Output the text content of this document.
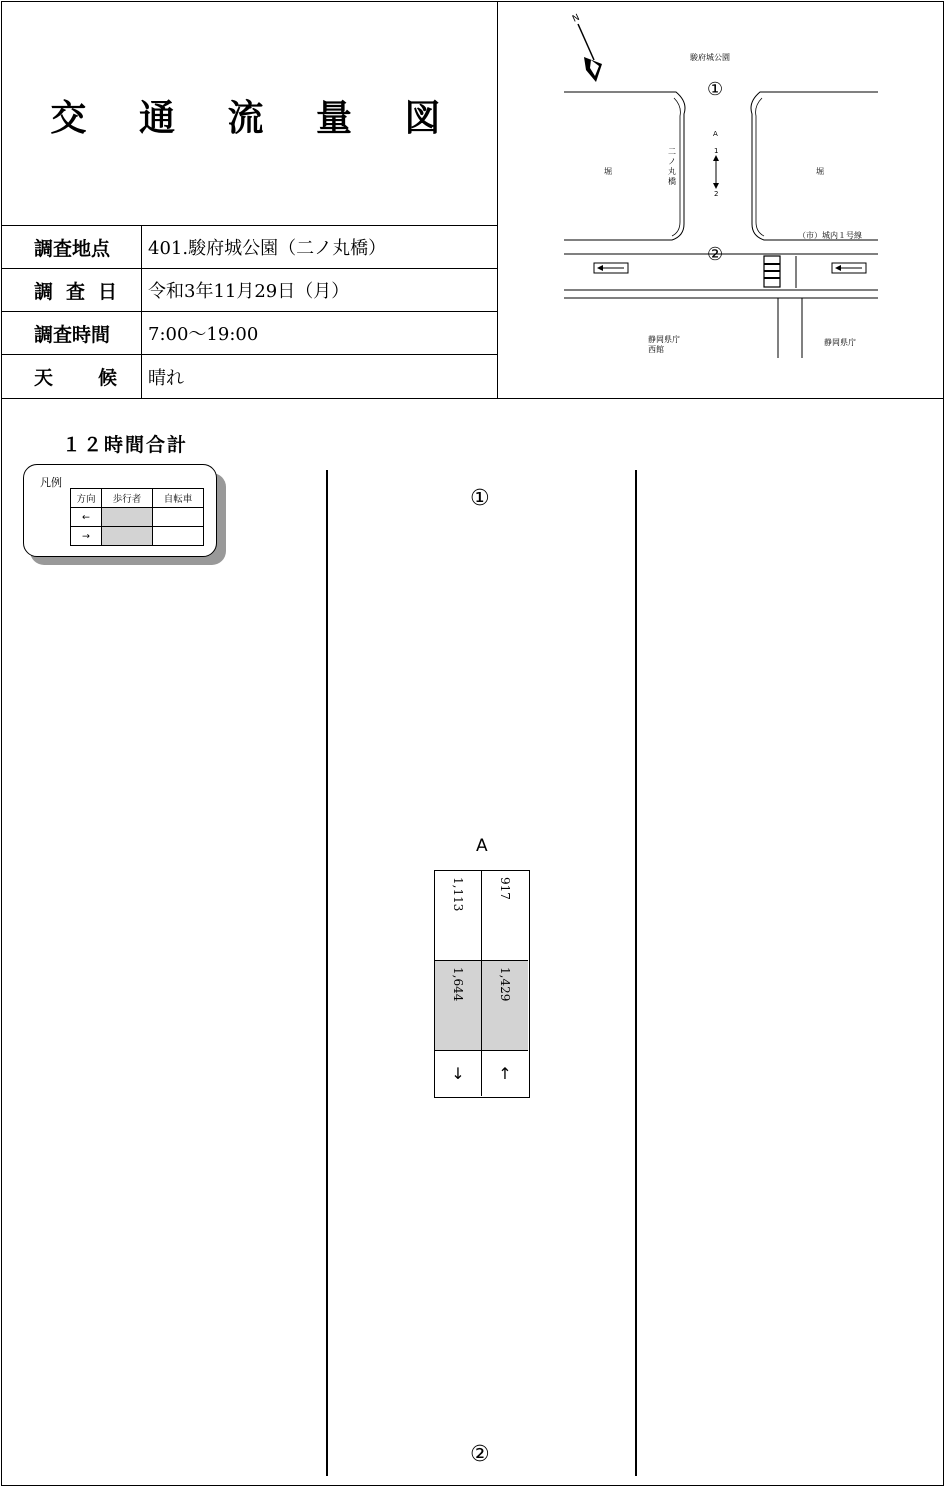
交 通 流 量 図
調査地点 401.駿府城公園（二ノ丸橋）
調 査 日 令和3年11月29日（月）
調査時間 7:00～19:00
天 候 晴れ
N
駿府城公園
①
②
堀	堀
二
ノ
丸
橋
A
1
2
（市）城内１号線
静岡県庁
西館
静岡県庁
１２時間合計
凡例
方向	歩行者	自転車
←		
→		
①
②
A
1,113	917
1,644	1,429
↓	↑
